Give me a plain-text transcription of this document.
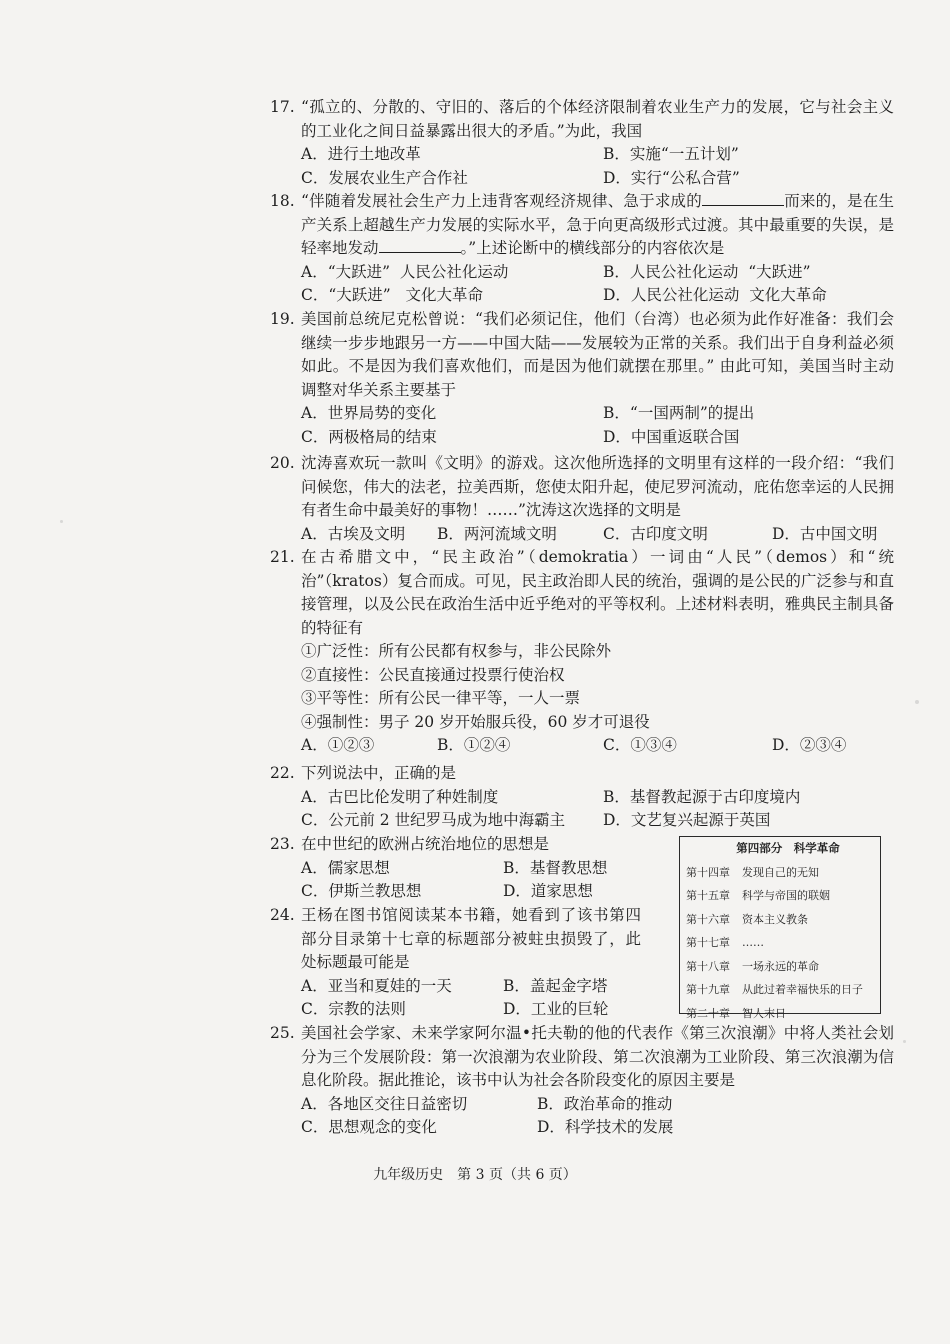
17. “孤立的、分散的、守旧的、落后的个体经济限制着农业生产力的发展，它与社会主义的工业化之间日益暴露出很大的矛盾。”为此，我国
A．进行土地改革	B．实施“一五计划”
C．发展农业生产合作社	D．实行“公私合营”
18. “伴随着发展社会生产力上违背客观经济规律、急于求成的	而来的，是在生产关系上超越生产力发展的实际水平，急于向更高级形式过渡。其中最重要的失误，是轻率地发动	。”上述论断中的横线部分的内容依次是
A．“大跃进”  人民公社化运动	B．人民公社化运动  “大跃进”
C．“大跃进”   文化大革命	D．人民公社化运动  文化大革命
19. 美国前总统尼克松曾说：“我们必须记住，他们（台湾）也必须为此作好准备：我们会继续一步步地跟另一方——中国大陆——发展较为正常的关系。我们出于自身利益必须如此。不是因为我们喜欢他们，而是因为他们就摆在那里。” 由此可知，美国当时主动调整对华关系主要基于
A．世界局势的变化	B．“一国两制”的提出
C．两极格局的结束	D．中国重返联合国
20. 沈涛喜欢玩一款叫《文明》的游戏。这次他所选择的文明里有这样的一段介绍：“我们问候您，伟大的法老，拉美西斯，您使太阳升起，使尼罗河流动，庇佑您幸运的人民拥有者生命中最美好的事物！……”沈涛这次选择的文明是
A．古埃及文明 B．两河流域文明	C．古印度文明	D．古中国文明
21. 在古希腊文中，“民主政治”（demokratia）一词由“人民”（demos）和“统治”（kratos）复合而成。可见，民主政治即人民的统治，强调的是公民的广泛参与和直接管理，以及公民在政治生活中近乎绝对的平等权利。上述材料表明，雅典民主制具备的特征有
①广泛性：所有公民都有权参与，非公民除外
②直接性：公民直接通过投票行使治权
③平等性：所有公民一律平等，一人一票
④强制性：男子 20 岁开始服兵役，60 岁才可退役
A．①②③	B．①②④	C．①③④	D．②③④
22. 下列说法中，正确的是
A．古巴比伦发明了种姓制度	B．基督教起源于古印度境内
C．公元前 2 世纪罗马成为地中海霸主 D．文艺复兴起源于英国
23. 在中世纪的欧洲占统治地位的思想是
A．儒家思想	B．基督教思想
C．伊斯兰教思想	D．道家思想
24. 王杨在图书馆阅读某本书籍，她看到了该书第四部分目录第十七章的标题部分被蛀虫损毁了，此处标题最可能是
A．亚当和夏娃的一天	B．盖起金字塔
C．宗教的法则	D．工业的巨轮
第四部分　科学革命
第十四章 发现自己的无知
第十五章 科学与帝国的联姻
第十六章 资本主义教条
第十七章 ……
第十八章 一场永远的革命
第十九章 从此过着幸福快乐的日子
第二十章 智人末日
25. 美国社会学家、未来学家阿尔温•托夫勒的他的代表作《第三次浪潮》中将人类社会划分为三个发展阶段：第一次浪潮为农业阶段、第二次浪潮为工业阶段、第三次浪潮为信息化阶段。据此推论，该书中认为社会各阶段变化的原因主要是
A．各地区交往日益密切	B．政治革命的推动
C．思想观念的变化	D．科学技术的发展
九年级历史　第 3 页（共 6 页）
